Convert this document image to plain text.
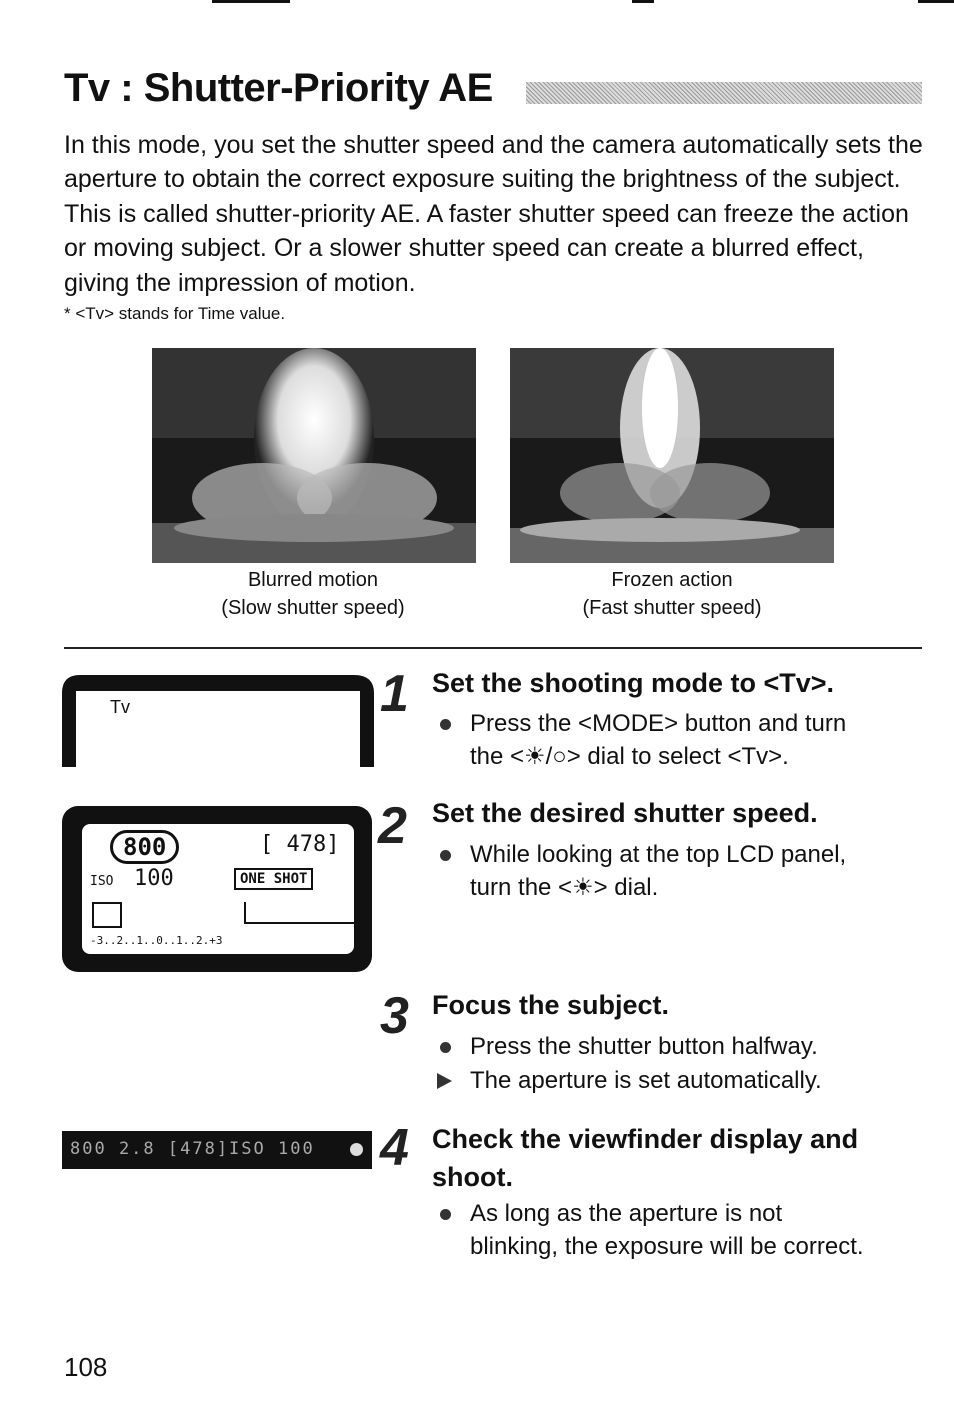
Tv : Shutter-Priority AE
In this mode, you set the shutter speed and the camera automatically sets the aperture to obtain the correct exposure suiting the brightness of the subject. This is called shutter-priority AE. A faster shutter speed can freeze the action or moving subject. Or a slower shutter speed can create a blurred effect, giving the impression of motion.
* <Tv> stands for Time value.
Blurred motion
(Slow shutter speed)
Frozen action
(Fast shutter speed)
Tv
800	[ 478]
ISO 100	ONE SHOT
-3..2..1..0..1..2.+3
800 2.8 [478]ISO 100
1 Set the shooting mode to <Tv>.
Press the <MODE> button and turn
the <☀/○> dial to select <Tv>.
2 Set the desired shutter speed.
While looking at the top LCD panel,
turn the <☀> dial.
3 Focus the subject.
Press the shutter button halfway.
The aperture is set automatically.
4 Check the viewfinder display and
shoot.
As long as the aperture is not
blinking, the exposure will be correct.
108
